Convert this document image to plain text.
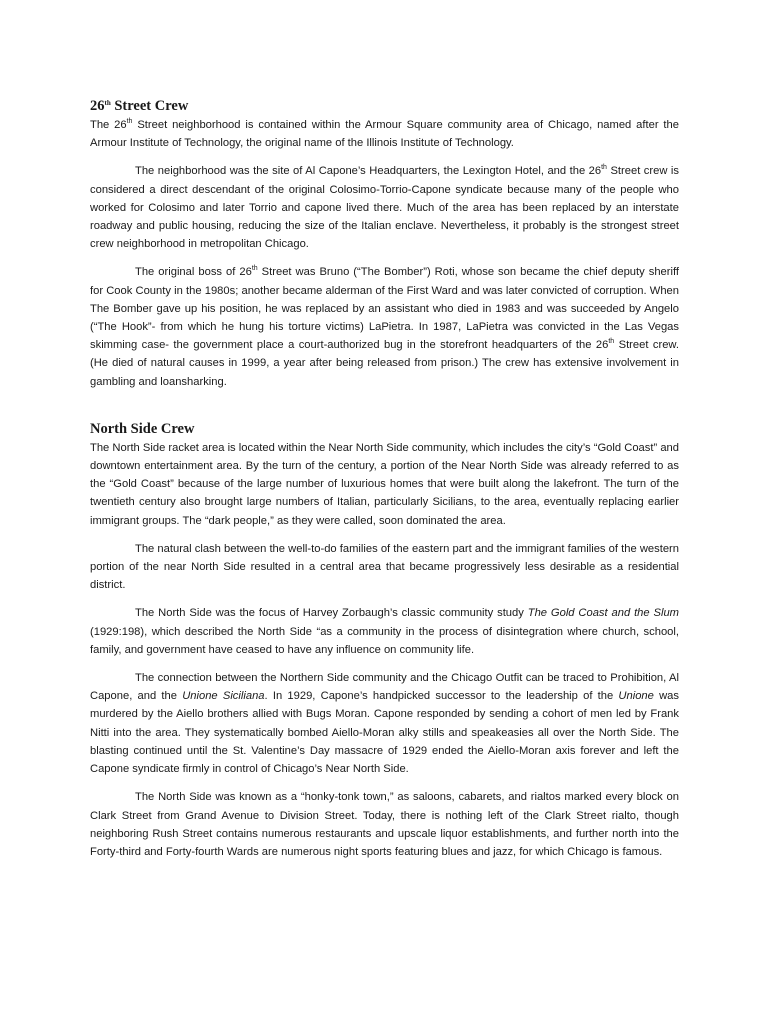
26th Street Crew

The 26th Street neighborhood is contained within the Armour Square community area of Chicago, named after the Armour Institute of Technology, the original name of the Illinois Institute of Technology.

The neighborhood was the site of Al Capone’s Headquarters, the Lexington Hotel, and the 26th Street crew is considered a direct descendant of the original Colosimo-Torrio-Capone syndicate because many of the people who worked for Colosimo and later Torrio and capone lived there. Much of the area has been replaced by an interstate roadway and public housing, reducing the size of the Italian enclave. Nevertheless, it probably is the strongest street crew neighborhood in metropolitan Chicago.

The original boss of 26th Street was Bruno (“The Bomber”) Roti, whose son became the chief deputy sheriff for Cook County in the 1980s; another became alderman of the First Ward and was later convicted of corruption. When The Bomber gave up his position, he was replaced by an assistant who died in 1983 and was succeeded by Angelo (“The Hook”- from which he hung his torture victims) LaPietra. In 1987, LaPietra was convicted in the Las Vegas skimming case- the government place a court-authorized bug in the storefront headquarters of the 26th Street crew. (He died of natural causes in 1999, a year after being released from prison.) The crew has extensive involvement in gambling and loansharking.

North Side Crew

The North Side racket area is located within the Near North Side community, which includes the city’s “Gold Coast” and downtown entertainment area. By the turn of the century, a portion of the Near North Side was already referred to as the “Gold Coast” because of the large number of luxurious homes that were built along the lakefront. The turn of the twentieth century also brought large numbers of Italian, particularly Sicilians, to the area, eventually replacing earlier immigrant groups. The “dark people,” as they were called, soon dominated the area.

The natural clash between the well-to-do families of the eastern part and the immigrant families of the western portion of the near North Side resulted in a central area that became progressively less desirable as a residential district.

The North Side was the focus of Harvey Zorbaugh’s classic community study The Gold Coast and the Slum (1929:198), which described the North Side “as a community in the process of disintegration where church, school, family, and government have ceased to have any influence on community life.

The connection between the Northern Side community and the Chicago Outfit can be traced to Prohibition, Al Capone, and the Unione Siciliana. In 1929, Capone’s handpicked successor to the leadership of the Unione was murdered by the Aiello brothers allied with Bugs Moran. Capone responded by sending a cohort of men led by Frank Nitti into the area. They systematically bombed Aiello-Moran alky stills and speakeasies all over the North Side. The blasting continued until the St. Valentine’s Day massacre of 1929 ended the Aiello-Moran axis forever and left the Capone syndicate firmly in control of Chicago’s Near North Side.

The North Side was known as a “honky-tonk town,” as saloons, cabarets, and rialtos marked every block on Clark Street from Grand Avenue to Division Street. Today, there is nothing left of the Clark Street rialto, though neighboring Rush Street contains numerous restaurants and upscale liquor establishments, and further north into the Forty-third and Forty-fourth Wards are numerous night sports featuring blues and jazz, for which Chicago is famous.
